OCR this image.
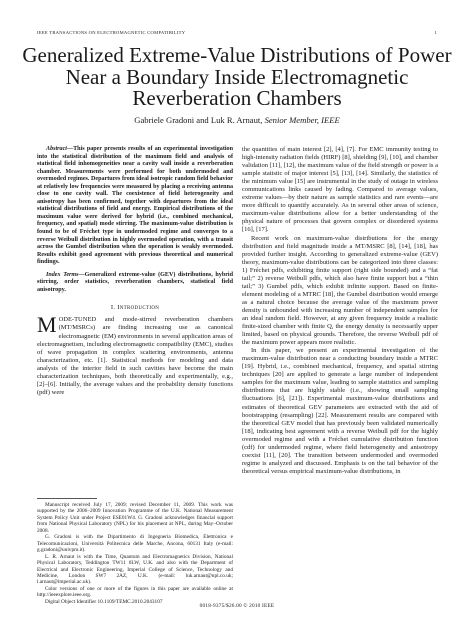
IEEE TRANSACTIONS ON ELECTROMAGNETIC COMPATIBILITY	1
Generalized Extreme-Value Distributions of Power Near a Boundary Inside Electromagnetic Reverberation Chambers
Gabriele Gradoni and Luk R. Arnaut, Senior Member, IEEE

Abstract—This paper presents results of an experimental investigation into the statistical distribution of the maximum field and analysis of statistical field inhomogeneities near a cavity wall inside a reverberation chamber. Measurements were performed for both undermoded and overmoded regimes. Departures from ideal isotropic random field behavior at relatively low frequencies were measured by placing a receiving antenna close to one cavity wall. The coexistence of field heterogeneity and anisotropy has been confirmed, together with departures from the ideal statistical distributions of field and energy. Empirical distributions of the maximum value were derived for hybrid (i.e., combined mechanical, frequency, and spatial) mode stirring. The maximum-value distribution is found to be of Fréchet type in undermoded regime and converges to a reverse Weibull distribution in highly overmoded operation, with a transit across the Gumbel distribution when the operation is weakly overmoded. Results exhibit good agreement with previous theoretical and numerical findings.

Index Terms—Generalized extreme-value (GEV) distributions, hybrid stirring, order statistics, reverberation chambers, statistical field anisotropy.

I. Introduction

MODE-TUNED and mode-stirred reverberation chambers (MT/MSRCs) are finding increasing use as canonical electromagnetic (EM) environments in several application areas of electromagnetism, including electromagnetic compatibility (EMC), studies of wave propagation in complex scattering environments, antenna characterization, etc. [1]. Statistical methods for modeling and data analysis of the interior field in such cavities have become the main characterization techniques, both theoretically and experimentally, e.g., [2]–[6]. Initially, the average values and the probability density functions (pdf) were

Manuscript received July 17, 2009; revised December 11, 2009. This work was supported by the 2006–2009 Innovation Programme of the U.K. National Measurement System Policy Unit under Project ESE01W4. G. Gradoni acknowledges financial support from National Physical Laboratory (NPL) for his placement at NPL, during May–October 2008.

G. Gradoni is with the Dipartimento di Ingegneria Biomedica, Elettronica e Telecomunicazioni, Università Politecnica delle Marche, Ancona, 60131 Italy (e-mail: g.gradoni@univpm.it).

L. R. Arnaut is with the Time, Quantum and Electromagnetics Division, National Physical Laboratory, Teddington TW11 0LW, U.K. and also with the Department of Electrical and Electronic Engineering, Imperial College of Science, Technology and Medicine, London SW7 2AZ, U.K. (e-mail: luk.arnaut@npl.co.uk; l.arnaut@imperial.ac.uk).

Color versions of one or more of the figures in this paper are available online at http://ieeexplore.ieee.org.

Digital Object Identifier 10.1109/TEMC.2010.2043107

the quantities of main interest [2], [4], [7]. For EMC immunity testing to high-intensity radiation fields (HIRF) [8], shielding [9], [10], and chamber validation [11], [12], the maximum value of the field strength or power is a sample statistic of major interest [5], [13], [14]. Similarly, the statistics of the minimum value [15] are instrumental in the study of outage in wireless communications links caused by fading. Compared to average values, extreme values—by their nature as sample statistics and rare events—are more difficult to quantify accurately. As in several other areas of science, maximum-value distributions allow for a better understanding of the physical nature of processes that govern complex or disordered systems [16], [17].

Recent work on maximum-value distributions for the energy distribution and field magnitude inside a MT/MSRC [8], [14], [18], has provided further insight. According to generalized extreme-value (GEV) theory, maximum-value distributions can be categorized into three classes: 1) Fréchet pdfs, exhibiting finite support (right side bounded) and a “fat tail;” 2) reverse Weibull pdfs, which also have finite support but a “thin tail;” 3) Gumbel pdfs, which exhibit infinite support. Based on finite-element modeling of a MTRC [18], the Gumbel distribution would emerge as a natural choice because the average value of the maximum power density is unbounded with increasing number of independent samples for an ideal random field. However, at any given frequency inside a realistic finite-sized chamber with finite Q, the energy density is necessarily upper limited, based on physical grounds. Therefore, the reverse Weibull pdf of the maximum power appears more realistic.

In this paper, we present an experimental investigation of the maximum-value distribution near a conducting boundary inside a MTRC [19]. Hybrid, i.e., combined mechanical, frequency, and spatial stirring techniques [20] are applied to generate a large number of independent samples for the maximum value, leading to sample statistics and sampling distributions that are highly stable (i.e., showing small sampling fluctuations [6], [21]). Experimental maximum-value distributions and estimates of theoretical GEV parameters are extracted with the aid of bootstrapping (resampling) [22]. Measurement results are compared with the theoretical GEV model that has previously been validated numerically [18], indicating best agreement with a reverse Weibull pdf for the highly overmoded regime and with a Fréchet cumulative distribution function (cdf) for undermoded regime, where field heterogeneity and anisotropy coexist [11], [20]. The transition between undermoded and overmoded regime is analyzed and discussed. Emphasis is on the tail behavior of the theoretical versus empirical maximum-value distributions, in

0018-9375/$26.00 © 2010 IEEE
